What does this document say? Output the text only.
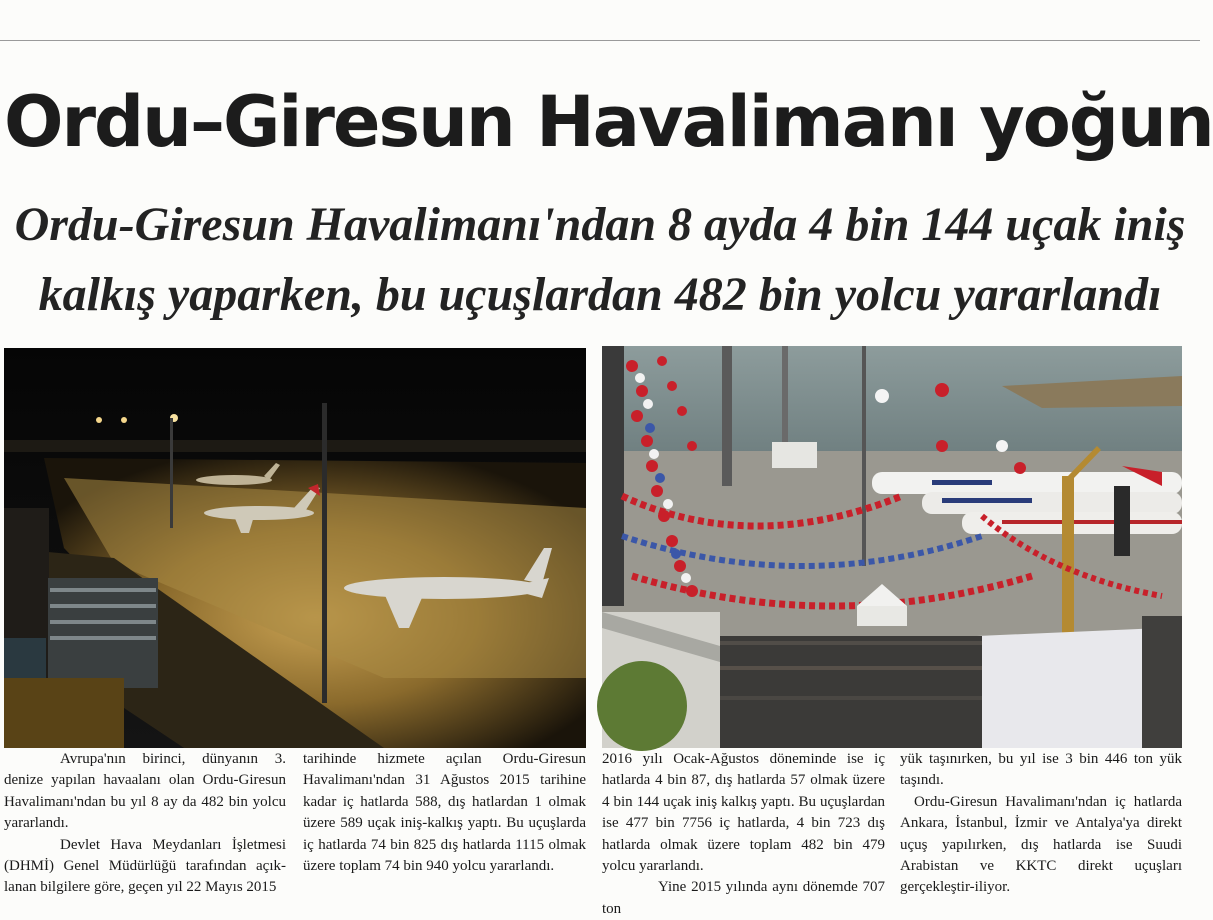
Ordu–Giresun Havalimanı yoğun
Ordu-Giresun Havalimanı'ndan 8 ayda 4 bin 144 uçak iniş
kalkış yaparken, bu uçuşlardan 482 bin yolcu yararlandı

Avrupa'nın birinci, dünyanın 3. denize yapılan havaalanı olan Ordu-Giresun Havalimanı'ndan bu yıl 8 ay da 482 bin yolcu yararlandı.

Devlet Hava Meydanları İşletmesi (DHMİ) Genel Müdürlüğü tarafından açık-lanan bilgilere göre, geçen yıl 22 Mayıs 2015

tarihinde hizmete açılan Ordu-Giresun Havalimanı'ndan 31 Ağustos 2015 tarihine kadar iç hatlarda 588, dış hatlardan 1 olmak üzere 589 uçak iniş-kalkış yaptı. Bu uçuşlarda iç hatlarda 74 bin 825 dış hatlarda 1115 olmak üzere toplam 74 bin 940 yolcu yararlandı.

2016 yılı Ocak-Ağustos döneminde ise iç hatlarda 4 bin 87, dış hatlarda 57 olmak üzere 4 bin 144 uçak iniş kalkış yaptı. Bu uçuşlardan ise 477 bin 7756 iç hatlarda, 4 bin 723 dış hatlarda olmak üzere toplam 482 bin 479 yolcu yararlandı.

Yine 2015 yılında aynı dönemde 707 ton

yük taşınırken, bu yıl ise 3 bin 446 ton yük taşındı.

Ordu-Giresun Havalimanı'ndan iç hatlarda Ankara, İstanbul, İzmir ve Antalya'ya direkt uçuş yapılırken, dış hatlarda ise Suudi Arabistan ve KKTC direkt uçuşları gerçekleştir-iliyor.
